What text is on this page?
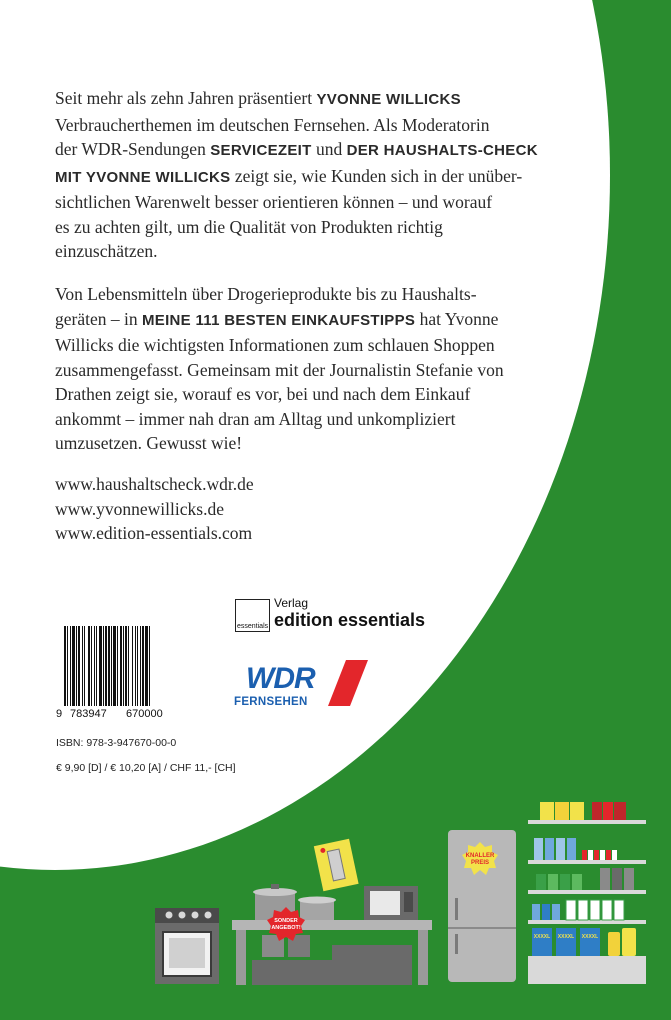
Seit mehr als zehn Jahren präsentiert YVONNE WILLICKS
Verbraucherthemen im deutschen Fernsehen. Als Moderatorin
der WDR-Sendungen SERVICEZEIT und DER HAUSHALTS-CHECK
MIT YVONNE WILLICKS zeigt sie, wie Kunden sich in der unüber-
sichtlichen Warenwelt besser orientieren können – und worauf
es zu achten gilt, um die Qualität von Produkten richtig
einzuschätzen.
Von Lebensmitteln über Drogerieprodukte bis zu Haushalts-
geräten – in MEINE 111 BESTEN EINKAUFSTIPPS hat Yvonne
Willicks die wichtigsten Informationen zum schlauen Shoppen
zusammengefasst. Gemeinsam mit der Journalistin Stefanie von
Drathen zeigt sie, worauf es vor, bei und nach dem Einkauf
ankommt – immer nah dran am Alltag und unkompliziert
umzusetzen. Gewusst wie!
www.haushaltscheck.wdr.de
www.yvonnewillicks.de
www.edition-essentials.com
9 783947 670000
ISBN: 978-3-947670-00-0
€ 9,90 [D] / € 10,20 [A] / CHF 11,- [CH]
essentials
Verlag
edition essentials
WDR
FERNSEHEN
SONDER
ANGEBOT!
KNALLER
PREIS
XXXXL XXXXL XXXXL
